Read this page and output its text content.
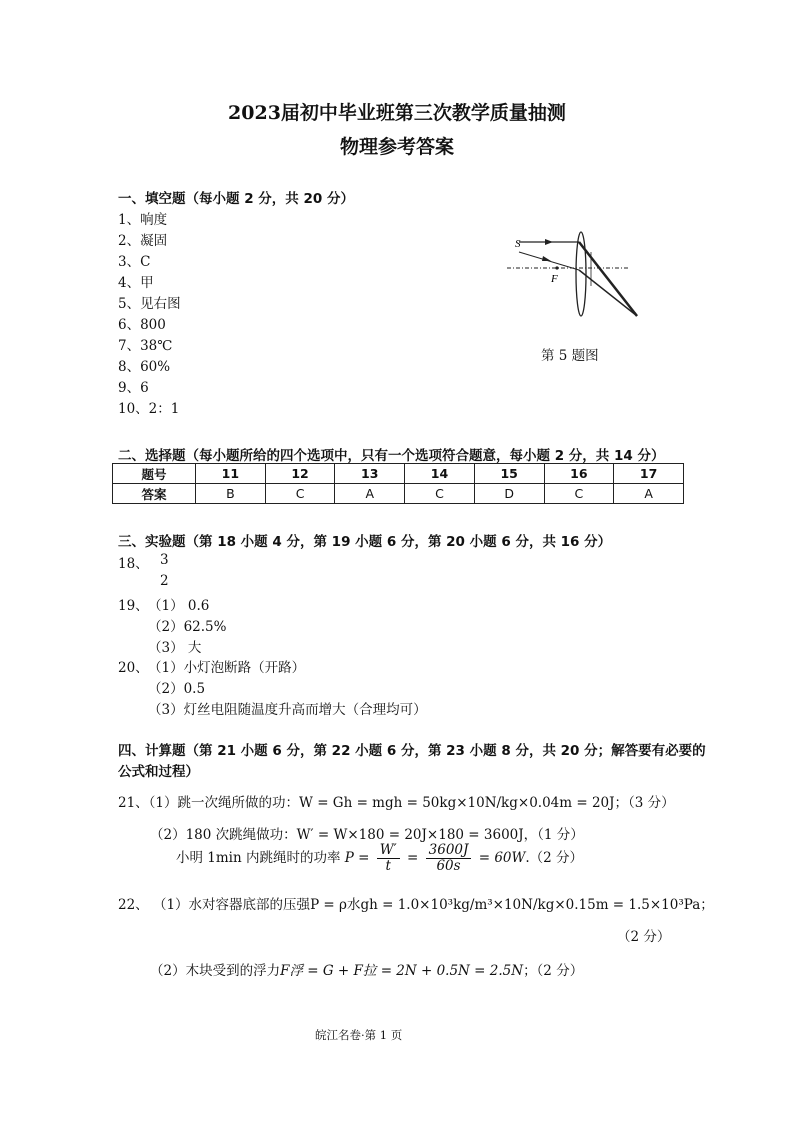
2023届初中毕业班第三次教学质量抽测
物理参考答案
一、填空题（每小题 2 分，共 20 分）
1、响度
2、凝固
3、C
4、甲
5、见右图
6、800
7、38℃
8、60%
9、6
10、2：1
S
F
第 5 题图
二、选择题（每小题所给的四个选项中，只有一个选项符合题意，每小题 2 分，共 14 分）
题号	11	12	13	14	15	16	17
答案	B	C	A	C	D	C	A
三、实验题（第 18 小题 4 分，第 19 小题 6 分，第 20 小题 6 分，共 16 分）
18、 3
2
19、 （1） 0.6
（2）62.5%
（3） 大
20、 （1）小灯泡断路（开路）
（2）0.5
（3）灯丝电阻随温度升高而增大（合理均可）
四、计算题（第 21 小题 6 分，第 22 小题 6 分，第 23 小题 8 分，共 20 分；解答要有必要的
公式和过程）
21、（1）跳一次绳所做的功：W = Gh = mgh = 50kg×10N/kg×0.04m = 20J；（3 分）
（2）180 次跳绳做功：W′ = W×180 = 20J×180 = 3600J，（1 分）
小明 1min 内跳绳时的功率 $P = \frac{W'}{t} = \frac{3600J}{60s} = 60W.(2$ 分）
22、 （1）水对容器底部的压强P = ρ水gh = 1.0×10³kg/m³×10N/kg×0.15m = 1.5×10³Pa；
（2 分）
（2）木块受到的浮力F浮 = G + F拉 = 2N + 0.5N = 2.5N；（2 分）
皖江名卷·第 1 页
